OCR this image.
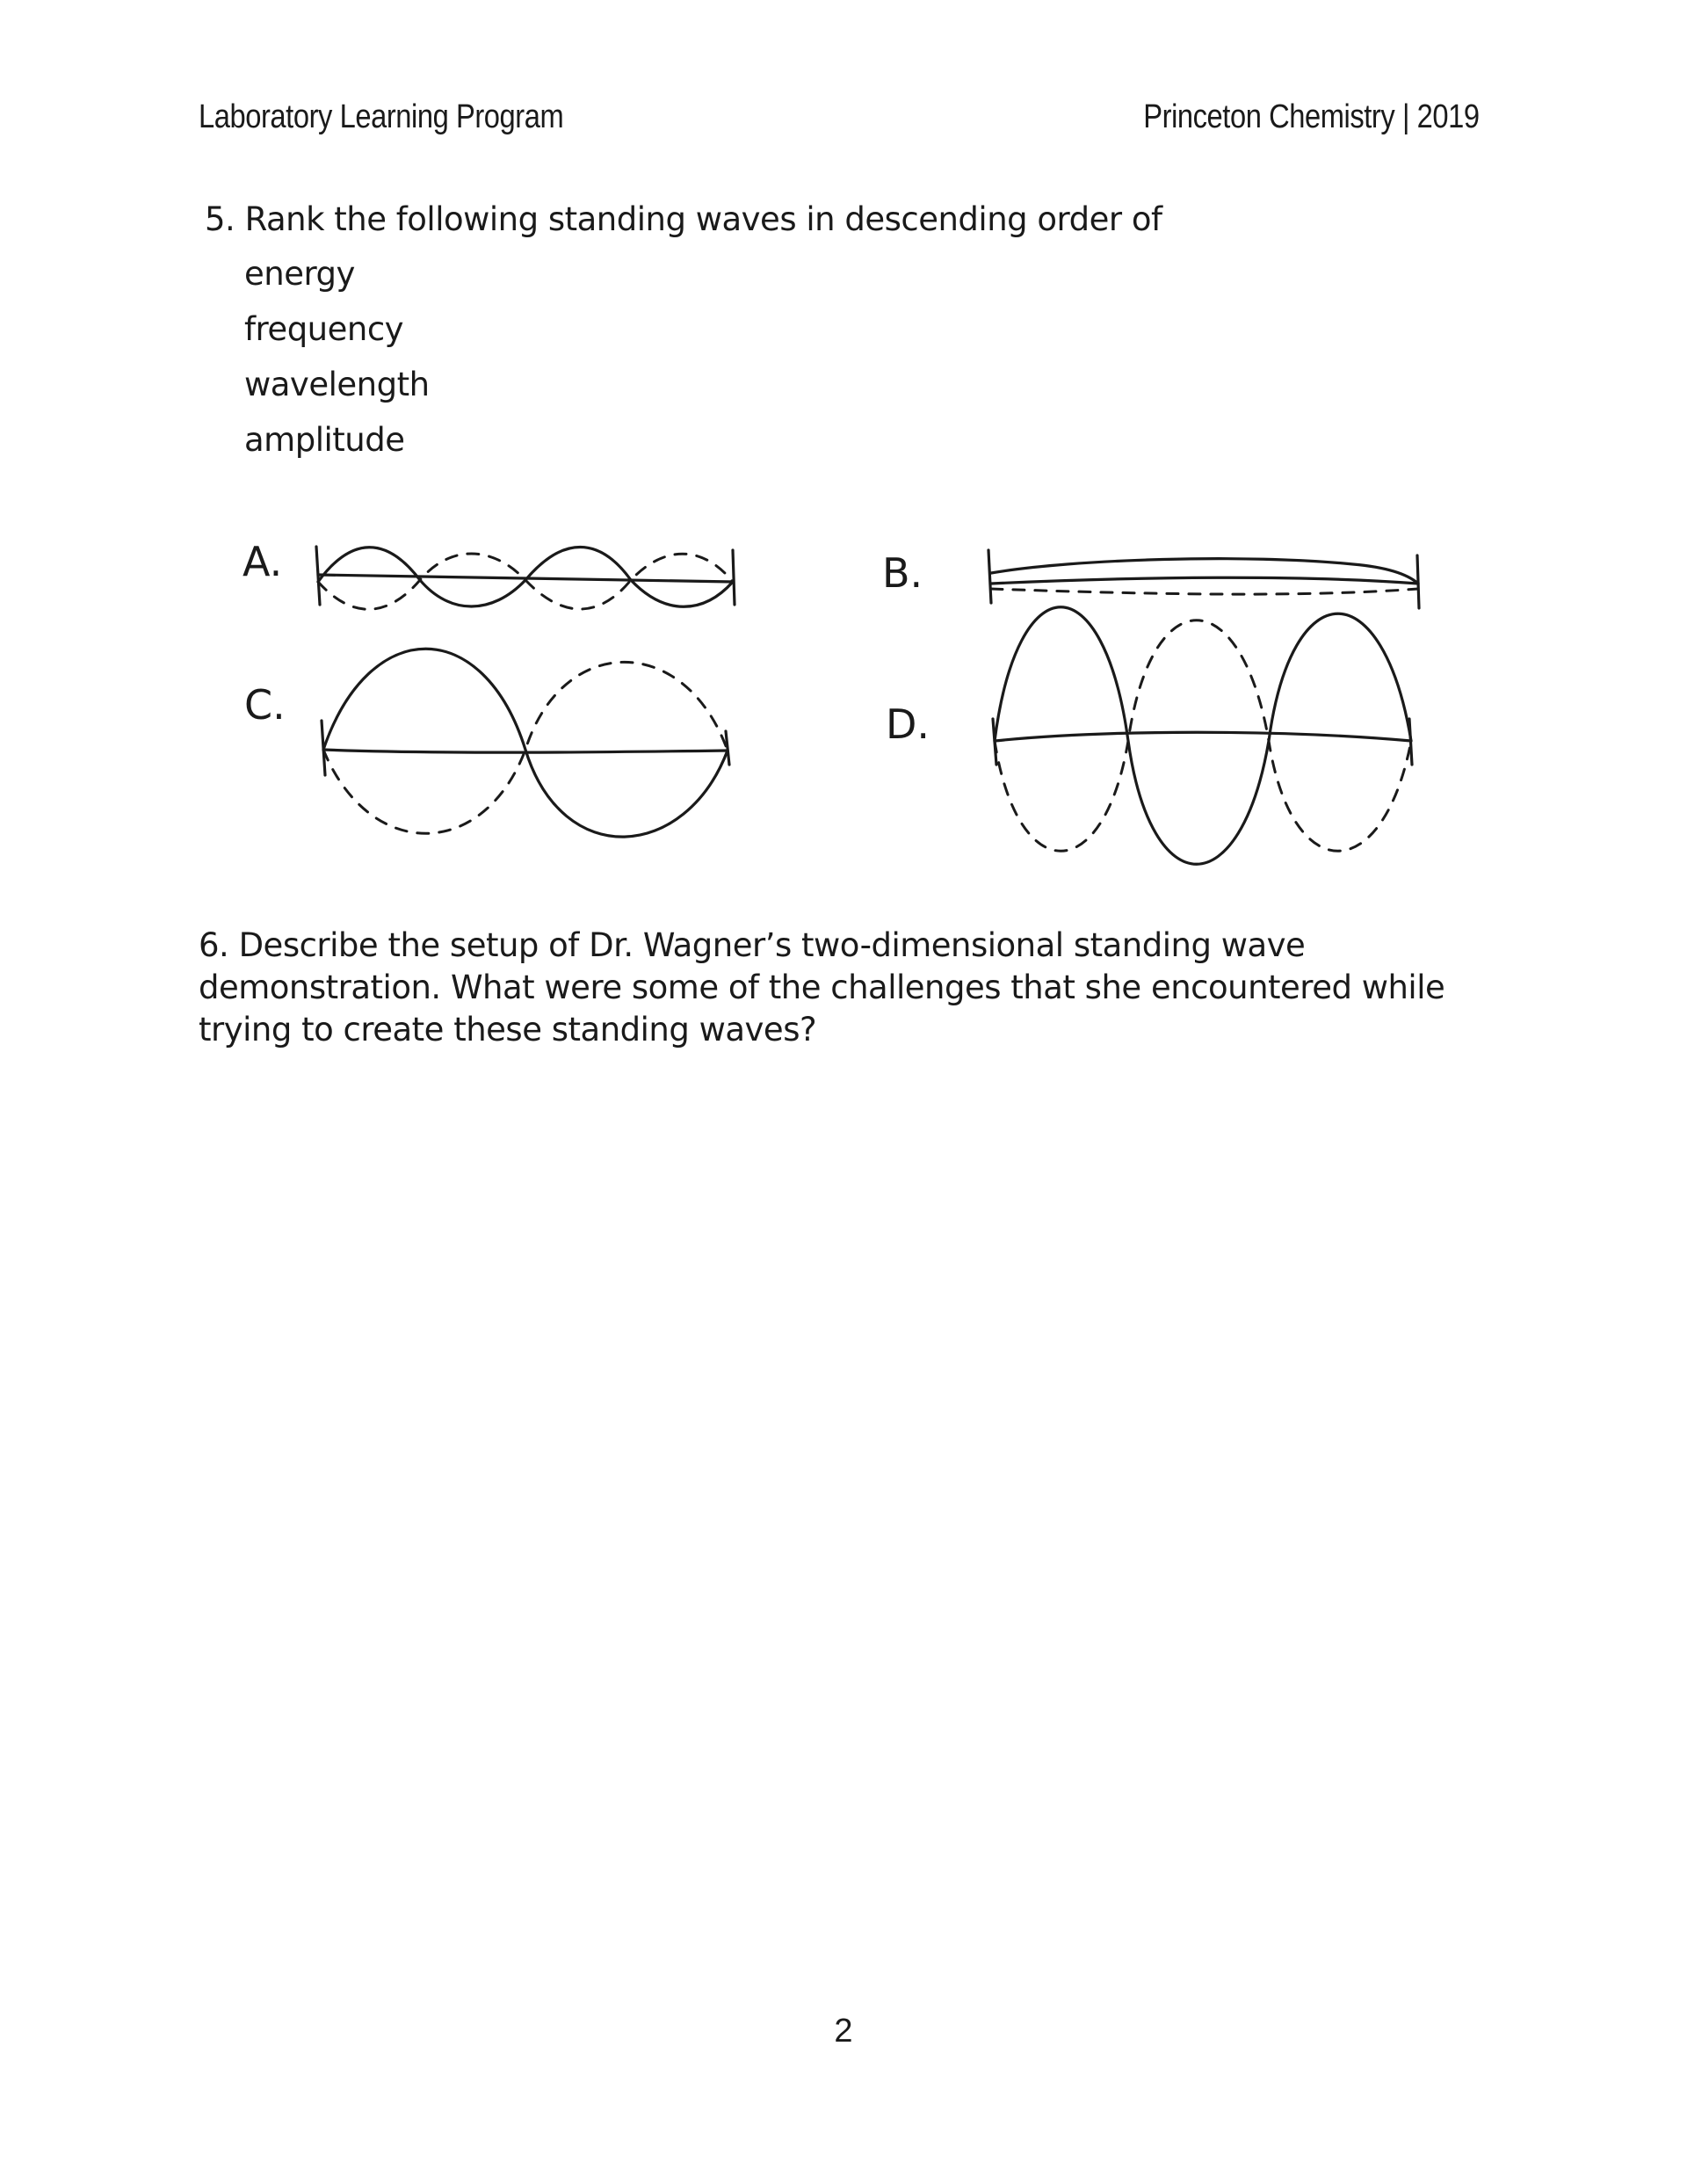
Laboratory Learning Program	Princeton Chemistry | 2019
5. Rank the following standing waves in descending order of
energy
frequency
wavelength
amplitude
A.	B.
C.	D.

6. Describe the setup of Dr. Wagner’s two-dimensional standing wave demonstration. What were some of the challenges that she encountered while trying to create these standing waves?

2
